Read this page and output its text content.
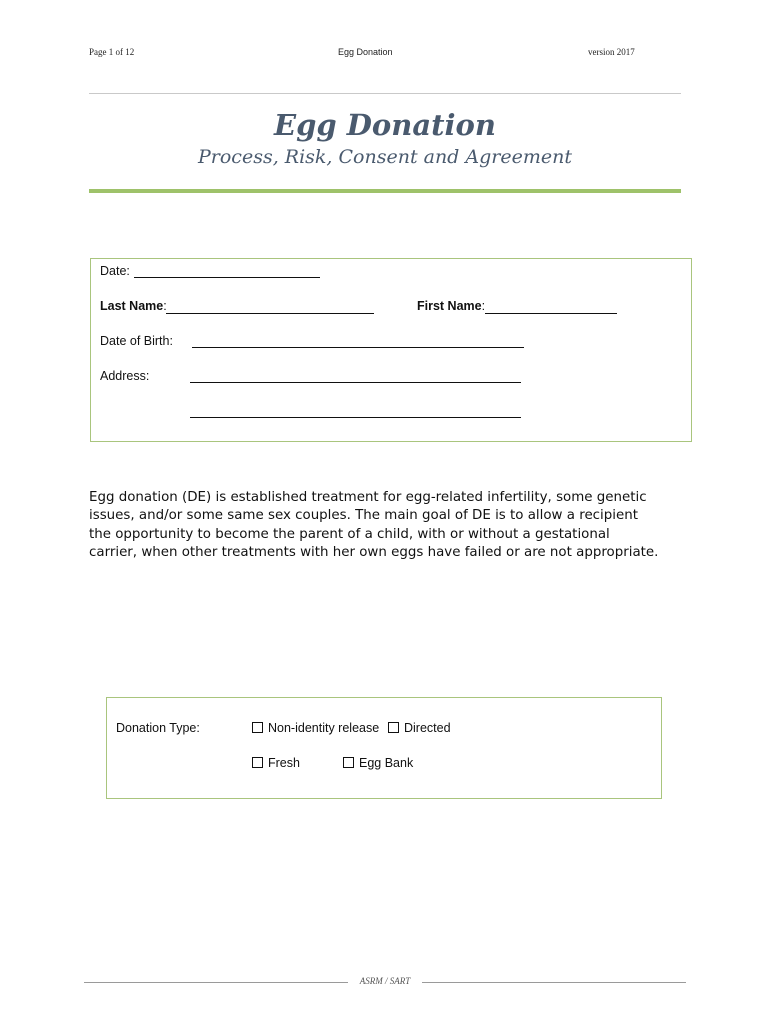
Page 1 of 12	Egg Donation	version 2017
Egg Donation
Process, Risk, Consent and Agreement
Date:
Last Name:	First Name:
Date of Birth:
Address:
Egg donation (DE) is established treatment for egg-related infertility, some genetic
issues, and/or some same sex couples. The main goal of DE is to allow a recipient
the opportunity to become the parent of a child, with or without a gestational
carrier, when other treatments with her own eggs have failed or are not appropriate.
Donation Type:	Non-identity release	Directed
Fresh	Egg Bank
ASRM / SART
